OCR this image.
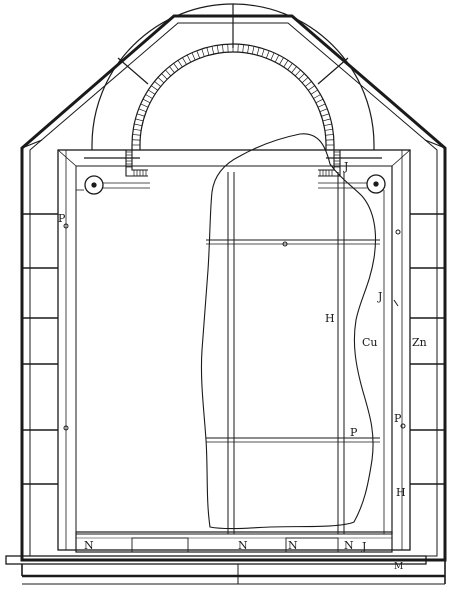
P
P
P
J
J
J
H
H
Cu	Zn
N	N	N	N
M
